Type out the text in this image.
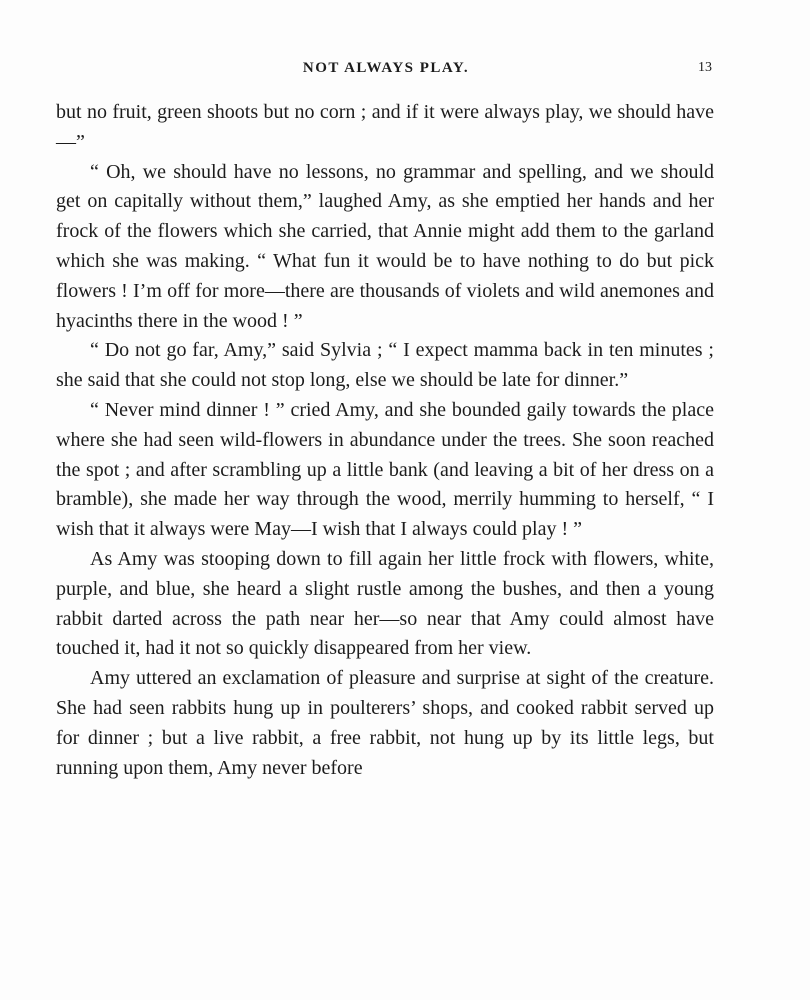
NOT ALWAYS PLAY.	13

but no fruit, green shoots but no corn ; and if it were always play, we should have—”

“ Oh, we should have no lessons, no grammar and spelling, and we should get on capitally without them,” laughed Amy, as she emptied her hands and her frock of the flowers which she carried, that Annie might add them to the garland which she was making. “ What fun it would be to have nothing to do but pick flowers ! I’m off for more—there are thousands of violets and wild anemones and hyacinths there in the wood ! ”

“ Do not go far, Amy,” said Sylvia ; “ I expect mamma back in ten minutes ; she said that she could not stop long, else we should be late for dinner.”

“ Never mind dinner ! ” cried Amy, and she bounded gaily towards the place where she had seen wild-flowers in abundance under the trees. She soon reached the spot ; and after scrambling up a little bank (and leaving a bit of her dress on a bramble), she made her way through the wood, merrily humming to herself, “ I wish that it always were May—I wish that I always could play ! ”

As Amy was stooping down to fill again her little frock with flowers, white, purple, and blue, she heard a slight rustle among the bushes, and then a young rabbit darted across the path near her—so near that Amy could almost have touched it, had it not so quickly disappeared from her view.

Amy uttered an exclamation of pleasure and surprise at sight of the creature. She had seen rabbits hung up in poulterers’ shops, and cooked rabbit served up for dinner ; but a live rabbit, a free rabbit, not hung up by its little legs, but running upon them, Amy never before
